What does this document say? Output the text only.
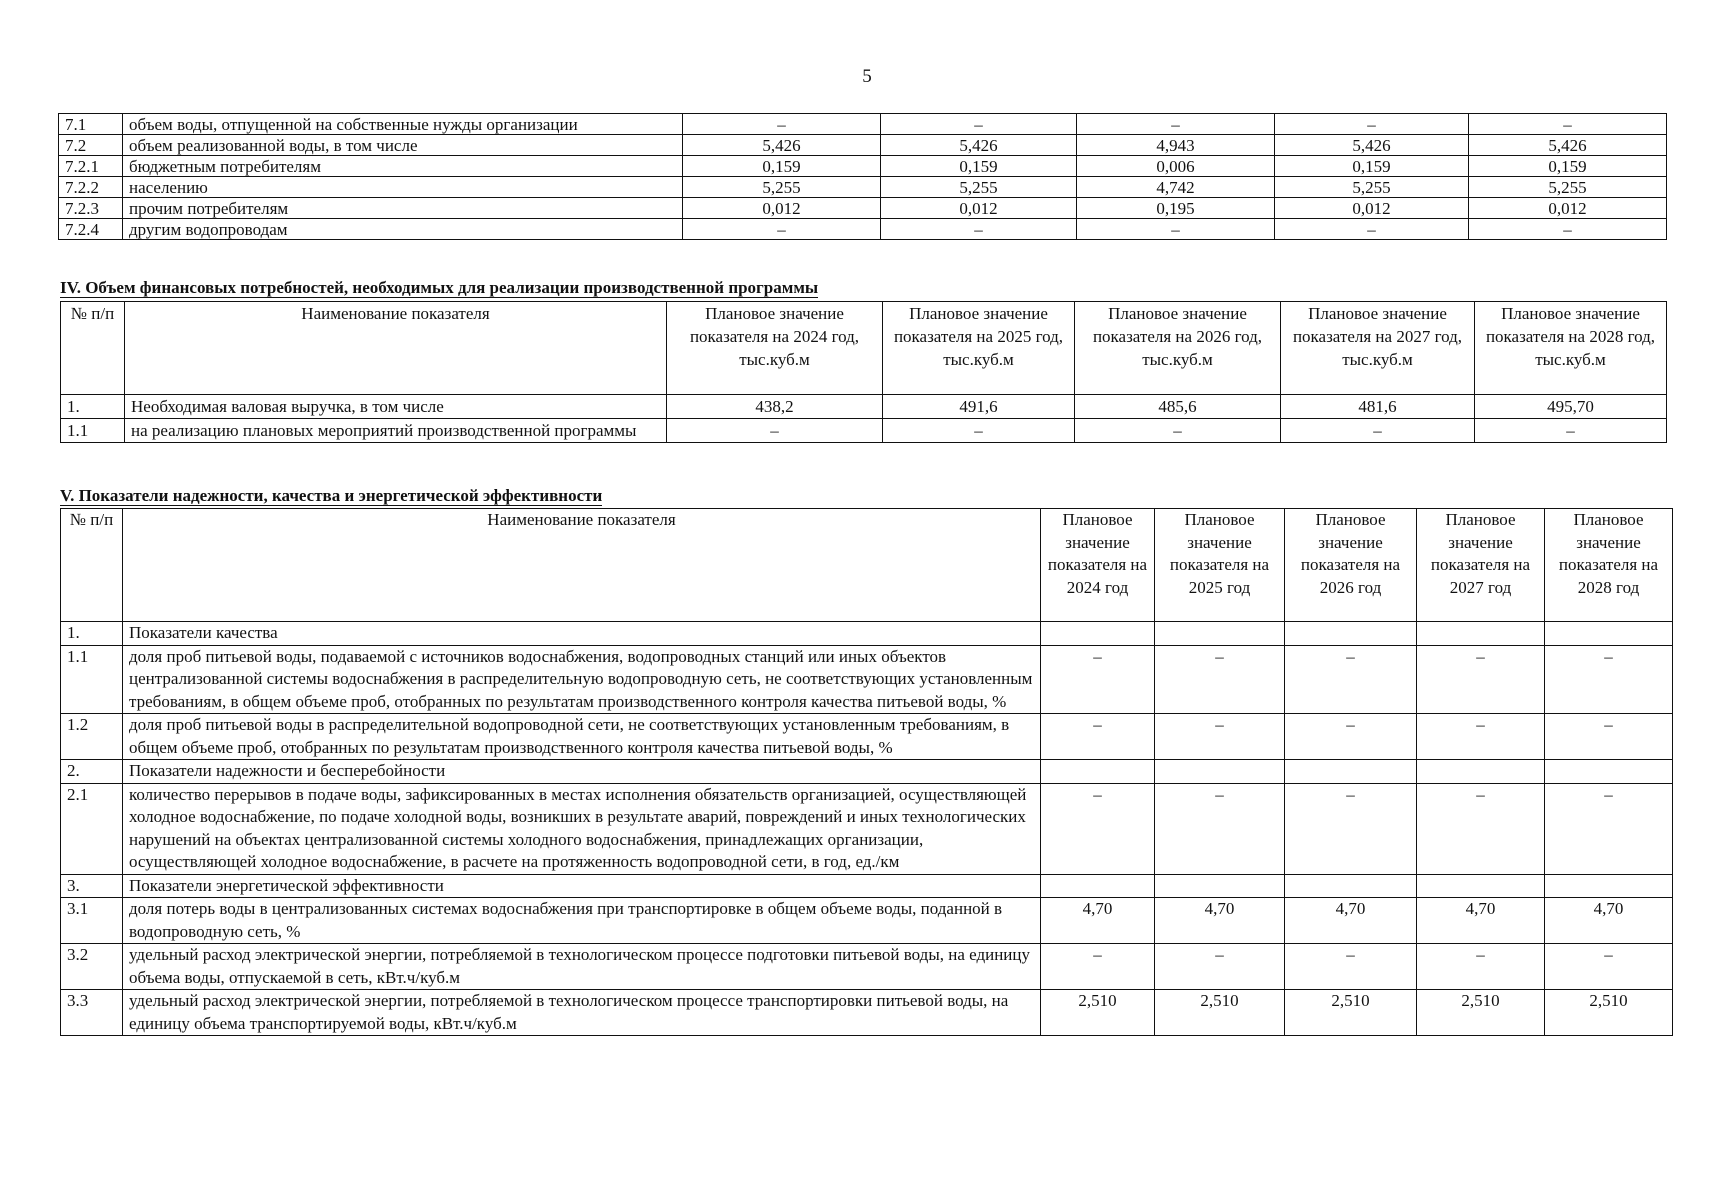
5
7.1	объем воды, отпущенной на собственные нужды организации	–	–	–	–	–
7.2	объем реализованной воды, в том числе	5,426	5,426	4,943	5,426	5,426
7.2.1	бюджетным потребителям	0,159	0,159	0,006	0,159	0,159
7.2.2	населению	5,255	5,255	4,742	5,255	5,255
7.2.3	прочим потребителям	0,012	0,012	0,195	0,012	0,012
7.2.4	другим водопроводам	–	–	–	–	–
IV. Объем финансовых потребностей, необходимых для реализации производственной программы
№ п/п	Наименование показателя	Плановое значение показателя на 2024 год, тыс.куб.м	Плановое значение показателя на 2025 год, тыс.куб.м	Плановое значение показателя на 2026 год, тыс.куб.м	Плановое значение показателя на 2027 год, тыс.куб.м	Плановое значение показателя на 2028 год, тыс.куб.м
1.	Необходимая валовая выручка, в том числе	438,2	491,6	485,6	481,6	495,70
1.1	на реализацию плановых мероприятий производственной программы	–	–	–	–	–
V. Показатели надежности, качества и энергетической эффективности
№ п/п	Наименование показателя	Плановое значение показателя на 2024 год	Плановое значение показателя на 2025 год	Плановое значение показателя на 2026 год	Плановое значение показателя на 2027 год	Плановое значение показателя на 2028 год
1.	Показатели качества					
1.1	доля проб питьевой воды, подаваемой с источников водоснабжения, водопроводных станций или иных объектов централизованной системы водоснабжения в распределительную водопроводную сеть, не соответствующих установленным требованиям, в общем объеме проб, отобранных по результатам производственного контроля качества питьевой воды, %	–	–	–	–	–
1.2	доля проб питьевой воды в распределительной водопроводной сети, не соответствующих установленным требованиям, в общем объеме проб, отобранных по результатам производственного контроля качества питьевой воды, %	–	–	–	–	–
2.	Показатели надежности и бесперебойности					
2.1	количество перерывов в подаче воды, зафиксированных в местах исполнения обязательств организацией, осуществляющей холодное водоснабжение, по подаче холодной воды, возникших в результате аварий, повреждений и иных технологических нарушений на объектах централизованной системы холодного водоснабжения, принадлежащих организации, осуществляющей холодное водоснабжение, в расчете на протяженность водопроводной сети, в год, ед./км	–	–	–	–	–
3.	Показатели энергетической эффективности					
3.1	доля потерь воды в централизованных системах водоснабжения при транспортировке в общем объеме воды, поданной в водопроводную сеть, %	4,70	4,70	4,70	4,70	4,70
3.2	удельный расход электрической энергии, потребляемой в технологическом процессе подготовки питьевой воды, на единицу объема воды, отпускаемой в сеть, кВт.ч/куб.м	–	–	–	–	–
3.3	удельный расход электрической энергии, потребляемой в технологическом процессе транспортировки питьевой воды, на единицу объема транспортируемой воды, кВт.ч/куб.м	2,510	2,510	2,510	2,510	2,510
